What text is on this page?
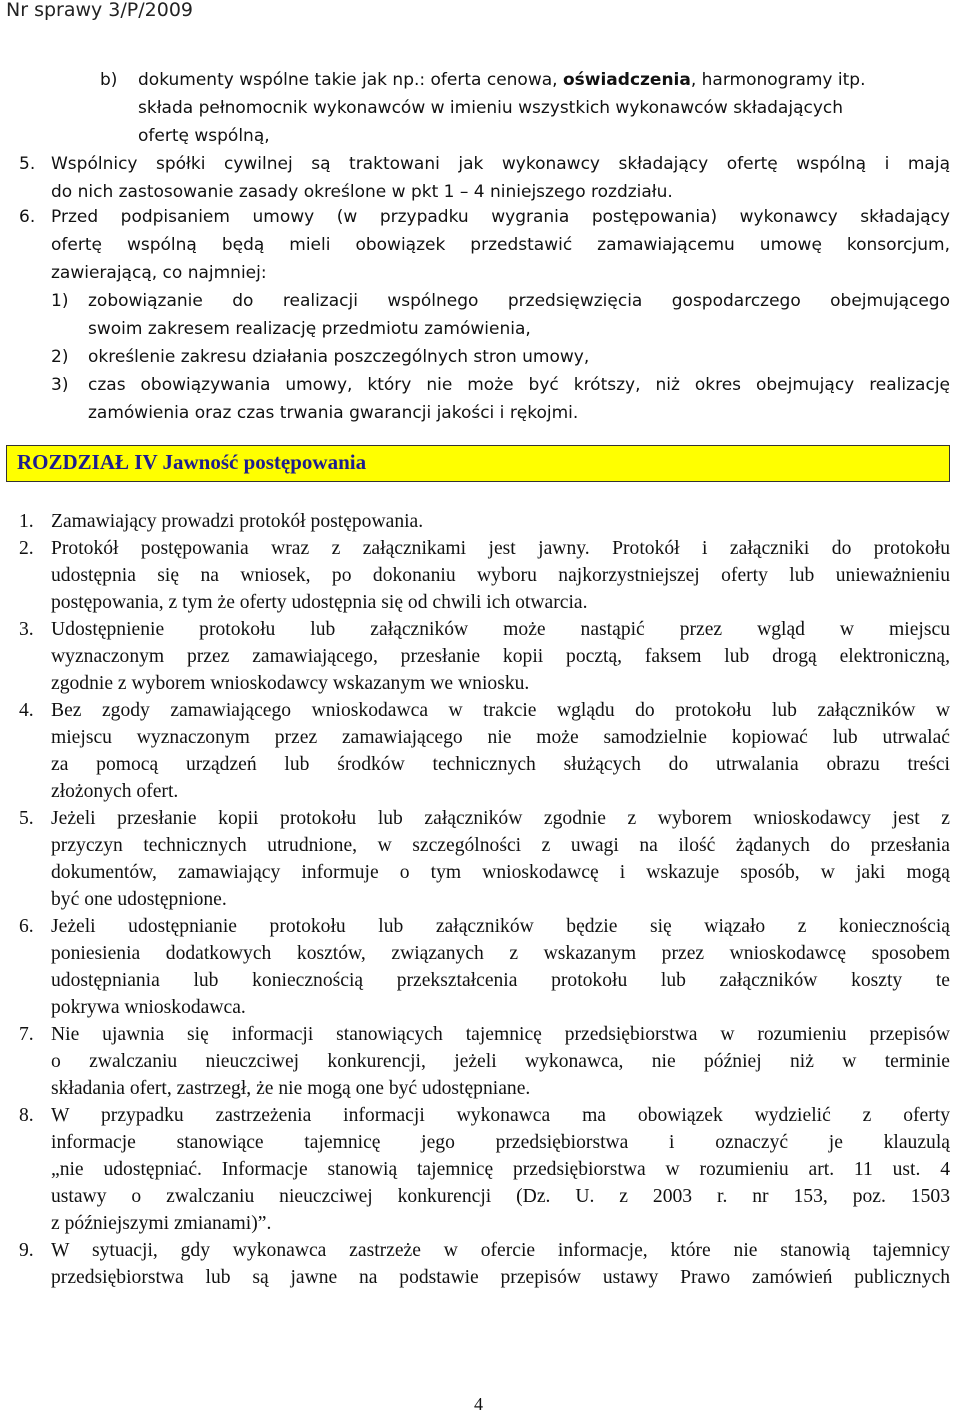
Nr sprawy 3/P/2009
b) dokumenty wspólne takie jak np.: oferta cenowa, oświadczenia, harmonogramy itp.
składa pełnomocnik wykonawców w imieniu wszystkich wykonawców składających
ofertę wspólną,
5. Wspólnicy spółki cywilnej są traktowani jak wykonawcy składający ofertę wspólną i mają
do nich zastosowanie zasady określone w pkt 1 – 4 niniejszego rozdziału.
6. Przed podpisaniem umowy (w przypadku wygrania postępowania) wykonawcy składający
ofertę wspólną będą mieli obowiązek przedstawić zamawiającemu umowę konsorcjum,
zawierającą, co najmniej:
1) zobowiązanie do realizacji wspólnego przedsięwzięcia gospodarczego obejmującego
swoim zakresem realizację przedmiotu zamówienia,
2) określenie zakresu działania poszczególnych stron umowy,
3) czas obowiązywania umowy, który nie może być krótszy, niż okres obejmujący realizację
zamówienia oraz czas trwania gwarancji jakości i rękojmi.
ROZDZIAŁ IV Jawność postępowania
1. Zamawiający prowadzi protokół postępowania.
2. Protokół postępowania wraz z załącznikami jest jawny. Protokół i załączniki do protokołu
udostępnia się na wniosek, po dokonaniu wyboru najkorzystniejszej oferty lub unieważnieniu
postępowania, z tym że oferty udostępnia się od chwili ich otwarcia.
3. Udostępnienie protokołu lub załączników może nastąpić przez wgląd w miejscu
wyznaczonym przez zamawiającego, przesłanie kopii pocztą, faksem lub drogą elektroniczną,
zgodnie z wyborem wnioskodawcy wskazanym we wniosku.
4. Bez zgody zamawiającego wnioskodawca w trakcie wglądu do protokołu lub załączników w
miejscu wyznaczonym przez zamawiającego nie może samodzielnie kopiować lub utrwalać
za pomocą urządzeń lub środków technicznych służących do utrwalania obrazu treści
złożonych ofert.
5. Jeżeli przesłanie kopii protokołu lub załączników zgodnie z wyborem wnioskodawcy jest z
przyczyn technicznych utrudnione, w szczególności z uwagi na ilość żądanych do przesłania
dokumentów, zamawiający informuje o tym wnioskodawcę i wskazuje sposób, w jaki mogą
być one udostępnione.
6. Jeżeli udostępnianie protokołu lub załączników będzie się wiązało z koniecznością
poniesienia dodatkowych kosztów, związanych z wskazanym przez wnioskodawcę sposobem
udostępniania lub koniecznością przekształcenia protokołu lub załączników koszty te
pokrywa wnioskodawca.
7. Nie ujawnia się informacji stanowiących tajemnicę przedsiębiorstwa w rozumieniu przepisów
o zwalczaniu nieuczciwej konkurencji, jeżeli wykonawca, nie później niż w terminie
składania ofert, zastrzegł, że nie mogą one być udostępniane.
8. W przypadku zastrzeżenia informacji wykonawca ma obowiązek wydzielić z oferty
informacje stanowiące tajemnicę jego przedsiębiorstwa i oznaczyć je klauzulą
„nie udostępniać. Informacje stanowią tajemnicę przedsiębiorstwa w rozumieniu art. 11 ust. 4
ustawy o zwalczaniu nieuczciwej konkurencji (Dz. U. z 2003 r. nr 153, poz. 1503
z późniejszymi zmianami)”.
9. W sytuacji, gdy wykonawca zastrzeże w ofercie informacje, które nie stanowią tajemnicy
przedsiębiorstwa lub są jawne na podstawie przepisów ustawy Prawo zamówień publicznych
4
